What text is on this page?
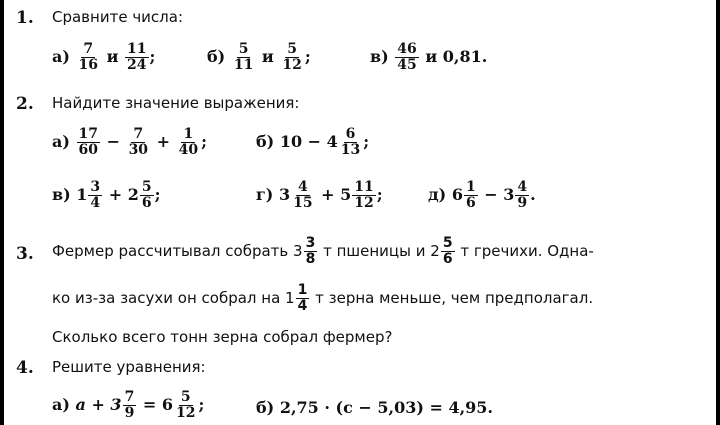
1. Сравните числа:
$а) \frac{7}{16}$ и $\frac{11}{24}$ ;	$б) \frac{5}{11}$ и $\frac{5}{12}$ ;	$в) \frac{46}{45}$ и 0,81.
2. Найдите значение выражения:
$а) \frac{17}{60} - \frac{7}{30} + \frac{1}{40}$ ;	б) $10 - 4 \frac{6}{13}$ ;
в) $1 \frac{3}{4} + 2 \frac{5}{6}$ ;	г) $3 \frac{4}{15} + 5 \frac{11}{12}$ ;	д) $6 \frac{1}{6} - 3 \frac{4}{9}$ .
3. Фермер рассчитывал собрать $3 \frac{3}{8}$ т пшеницы и $2 \frac{5}{6}$ т гречихи. Одна-
ко из-за засухи он собрал на $1 \frac{1}{4}$ т зерна меньше, чем предполагал.
Сколько всего тонн зерна собрал фермер?
4. Решите уравнения:
а) $a + 3 \frac{7}{9} = 6 \frac{5}{12}$ ;	б) 2,75 · (c − 5,03) = 4,95.
